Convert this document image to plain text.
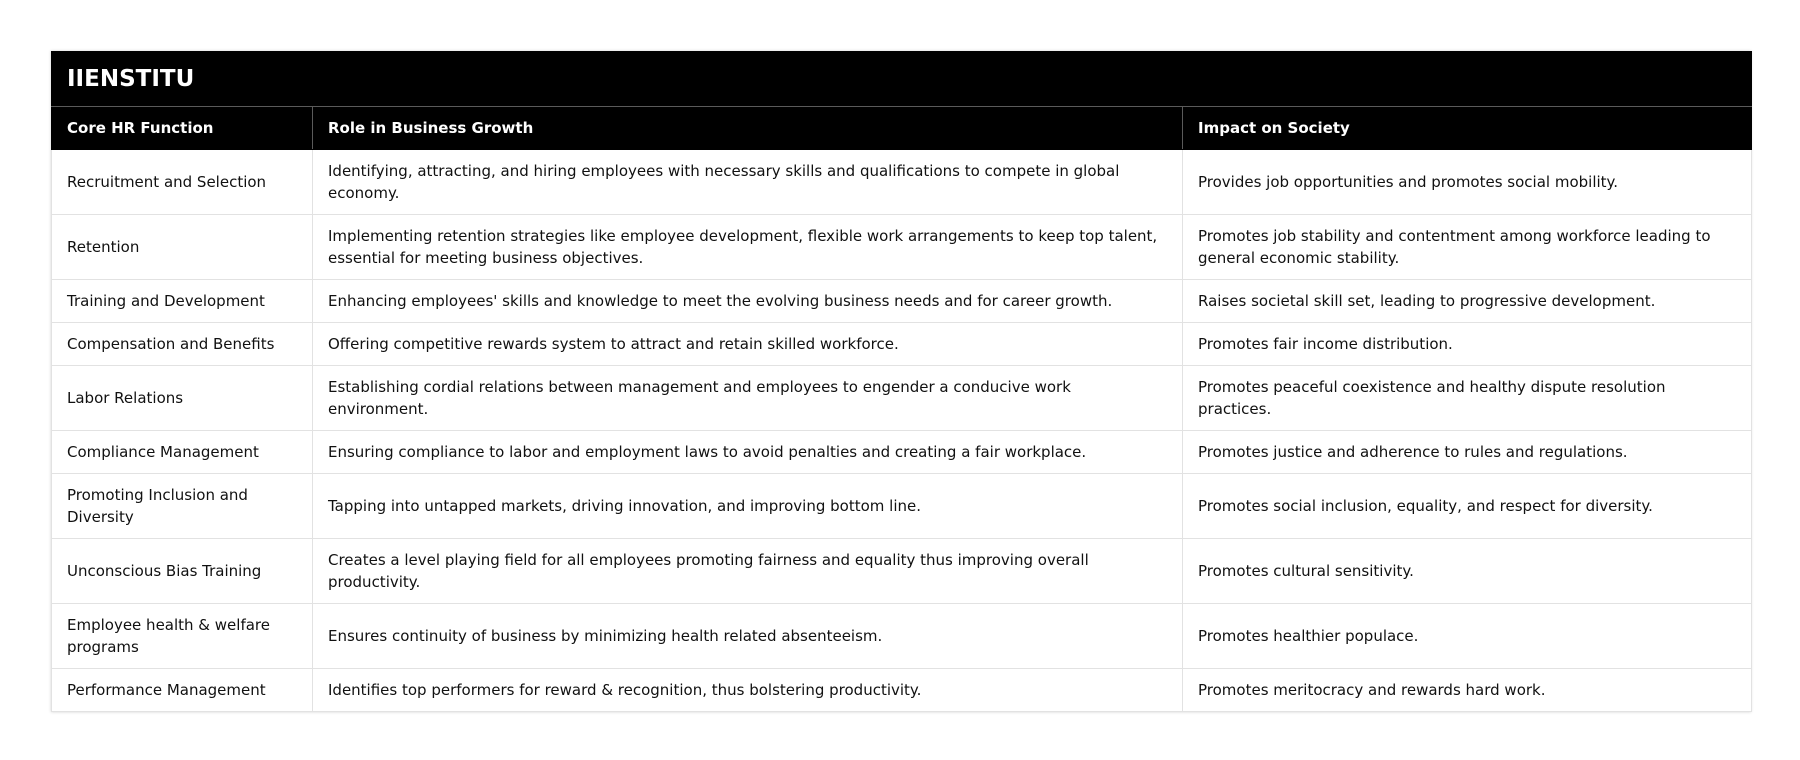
IIENSTITU		
Core HR Function	Role in Business Growth	Impact on Society
Recruitment and Selection	Identifying, attracting, and hiring employees with necessary skills and qualifications to compete in global economy.	Provides job opportunities and promotes social mobility.
Retention	Implementing retention strategies like employee development, flexible work arrangements to keep top talent, essential for meeting business objectives.	Promotes job stability and contentment among workforce leading to general economic stability.
Training and Development	Enhancing employees' skills and knowledge to meet the evolving business needs and for career growth.	Raises societal skill set, leading to progressive development.
Compensation and Benefits	Offering competitive rewards system to attract and retain skilled workforce.	Promotes fair income distribution.
Labor Relations	Establishing cordial relations between management and employees to engender a conducive work environment.	Promotes peaceful coexistence and healthy dispute resolution practices.
Compliance Management	Ensuring compliance to labor and employment laws to avoid penalties and creating a fair workplace.	Promotes justice and adherence to rules and regulations.
Promoting Inclusion and Diversity	Tapping into untapped markets, driving innovation, and improving bottom line.	Promotes social inclusion, equality, and respect for diversity.
Unconscious Bias Training	Creates a level playing field for all employees promoting fairness and equality thus improving overall productivity.	Promotes cultural sensitivity.
Employee health & welfare programs	Ensures continuity of business by minimizing health related absenteeism.	Promotes healthier populace.
Performance Management	Identifies top performers for reward & recognition, thus bolstering productivity.	Promotes meritocracy and rewards hard work.
